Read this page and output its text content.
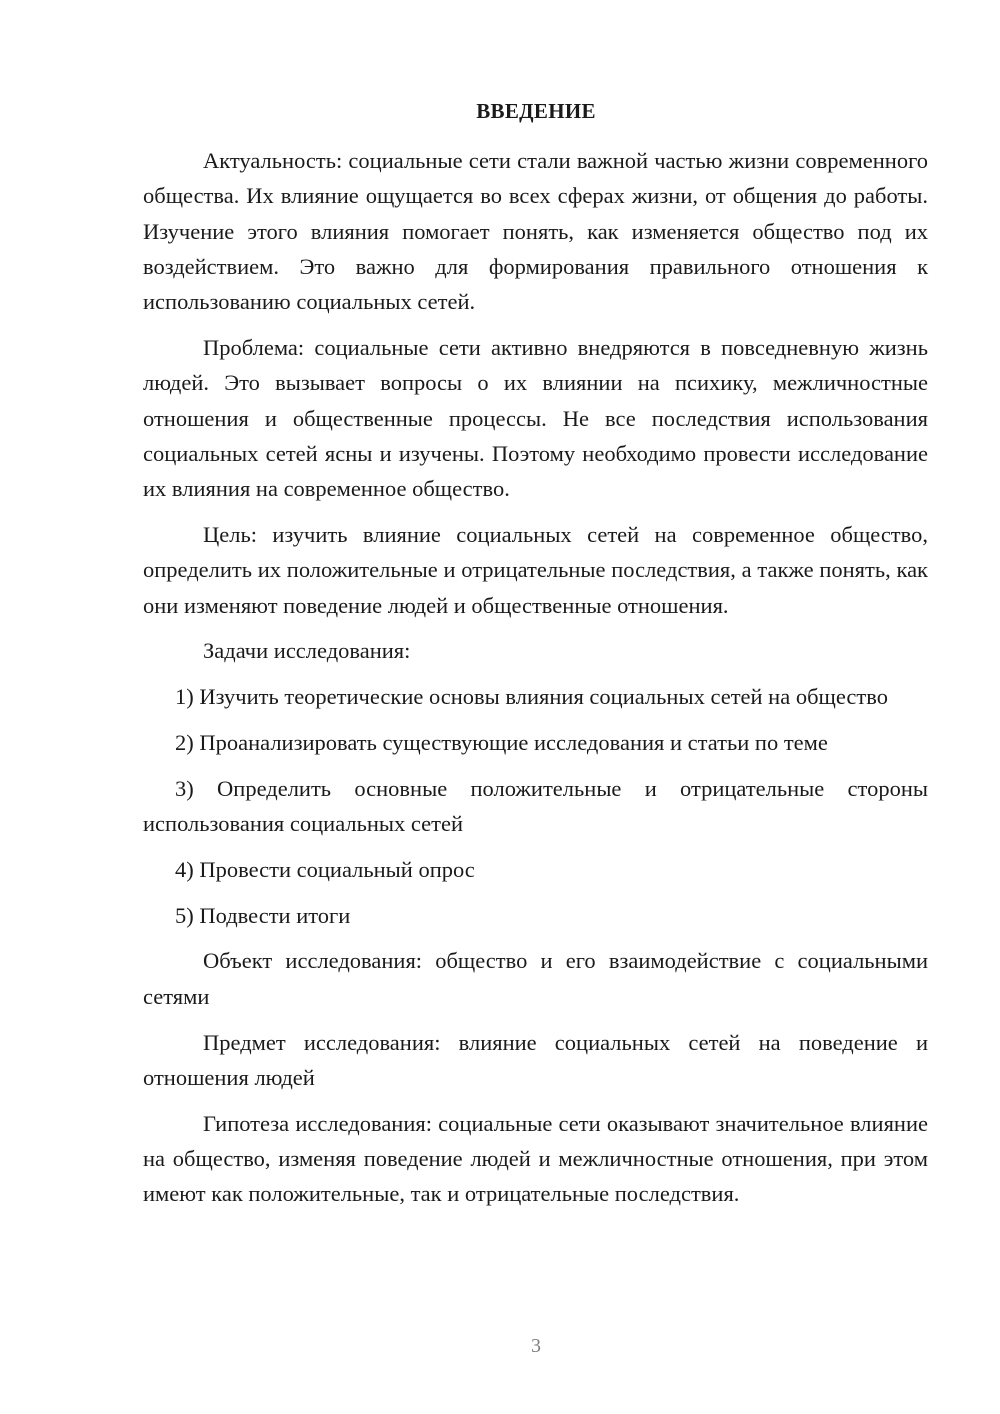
ВВЕДЕНИЕ

Актуальность: социальные сети стали важной частью жизни современного общества. Их влияние ощущается во всех сферах жизни, от общения до работы. Изучение этого влияния помогает понять, как изменяется общество под их воздействием. Это важно для формирования правильного отношения к использованию социальных сетей.

Проблема: социальные сети активно внедряются в повседневную жизнь людей. Это вызывает вопросы о их влиянии на психику, межличностные отношения и общественные процессы. Не все последствия использования социальных сетей ясны и изучены. Поэтому необходимо провести исследование их влияния на современное общество.

Цель: изучить влияние социальных сетей на современное общество, определить их положительные и отрицательные последствия, а также понять, как они изменяют поведение людей и общественные отношения.

Задачи исследования:

1) Изучить теоретические основы влияния социальных сетей на общество

2) Проанализировать существующие исследования и статьи по теме

3) Определить основные положительные и отрицательные стороны использования социальных сетей

4) Провести социальный опрос

5) Подвести итоги

Объект исследования: общество и его взаимодействие с социальными сетями

Предмет исследования: влияние социальных сетей на поведение и отношения людей

Гипотеза исследования: социальные сети оказывают значительное влияние на общество, изменяя поведение людей и межличностные отношения, при этом имеют как положительные, так и отрицательные последствия.

3
